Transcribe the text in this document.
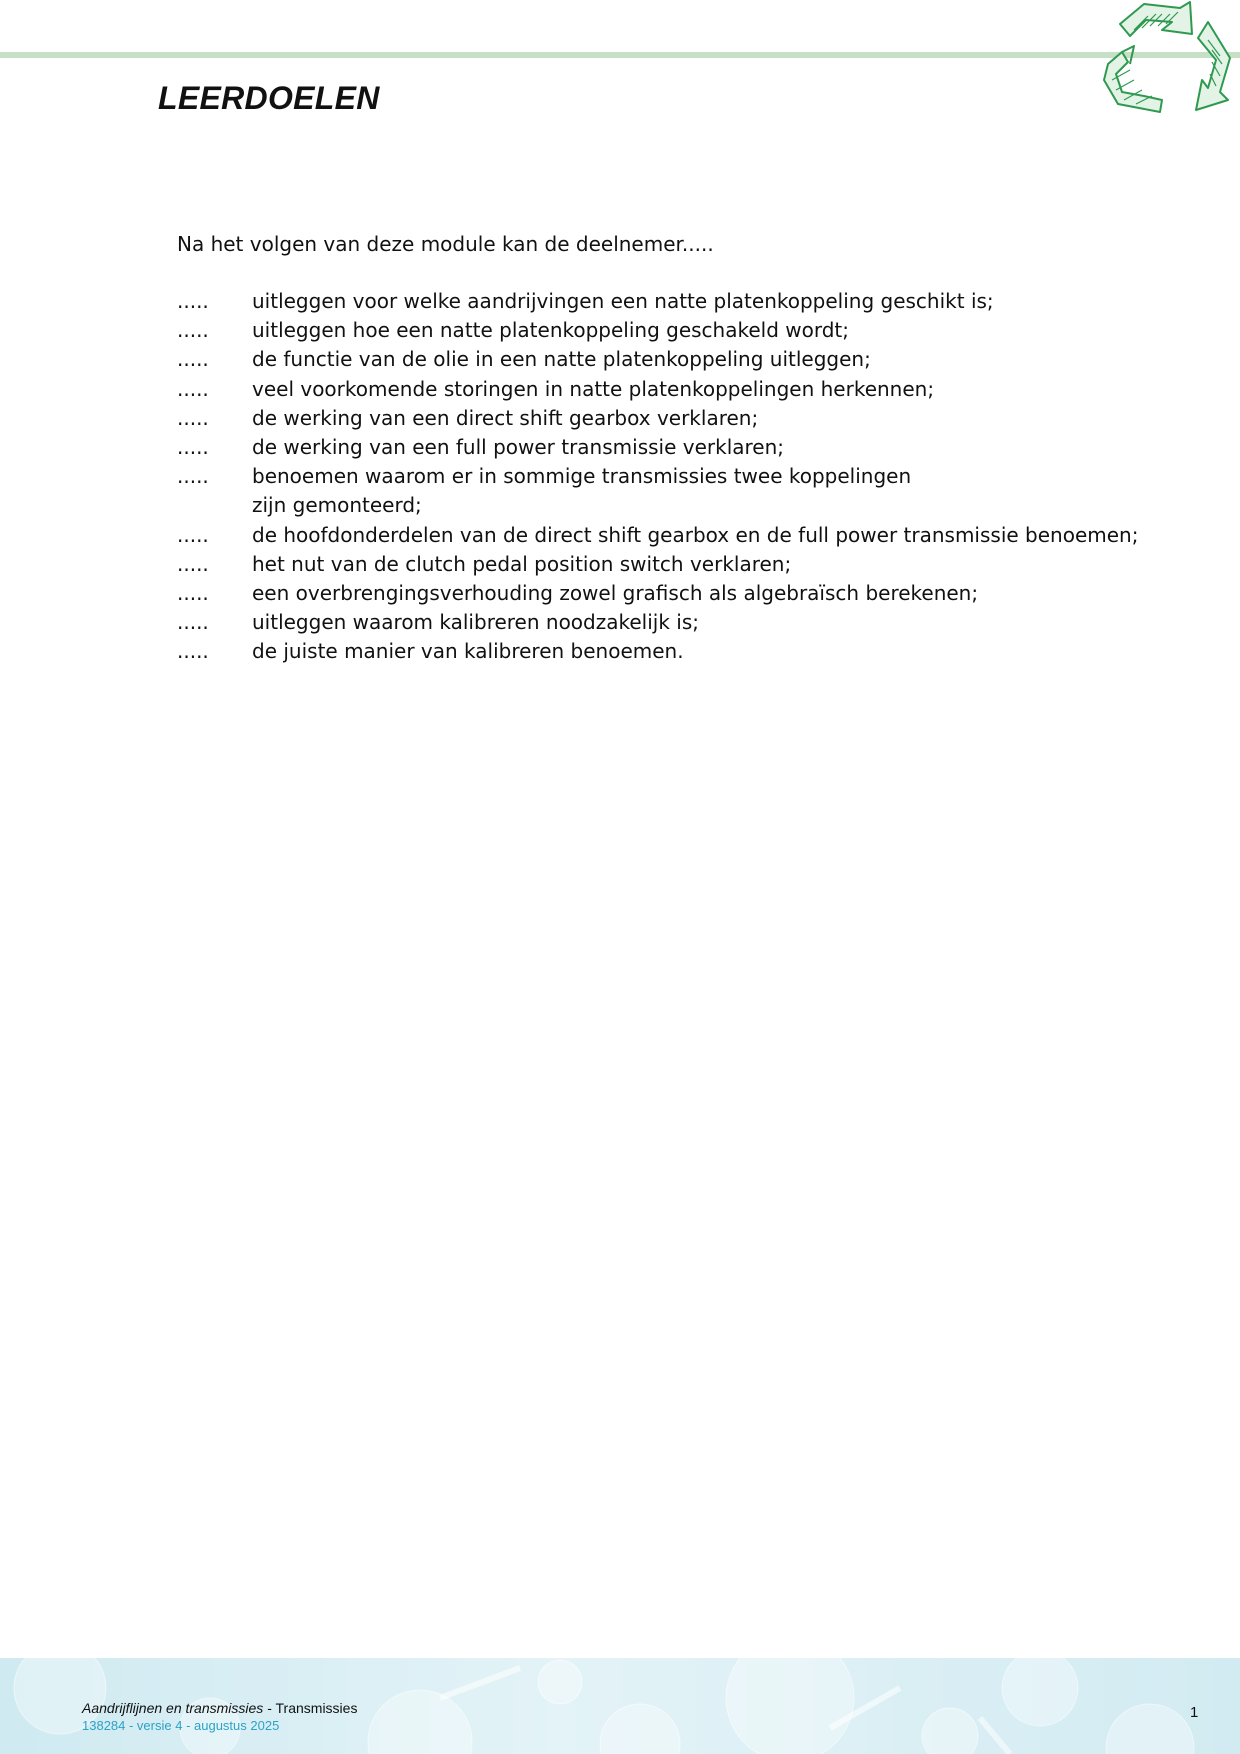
LEERDOELEN

Na het volgen van deze module kan de deelnemer.....

.....	uitleggen voor welke aandrijvingen een natte platenkoppeling geschikt is;
.....	uitleggen hoe een natte platenkoppeling geschakeld wordt;
.....	de functie van de olie in een natte platenkoppeling uitleggen;
.....	veel voorkomende storingen in natte platenkoppelingen herkennen;
.....	de werking van een direct shift gearbox verklaren;
.....	de werking van een full power transmissie verklaren;
.....	benoemen waarom er in sommige transmissies twee koppelingen
zijn gemonteerd;
.....	de hoofdonderdelen van de direct shift gearbox en de full power transmissie benoemen;
.....	het nut van de clutch pedal position switch verklaren;
.....	een overbrengingsverhouding zowel grafisch als algebraïsch berekenen;
.....	uitleggen waarom kalibreren noodzakelijk is;
.....	de juiste manier van kalibreren benoemen.
Aandrijflijnen en transmissies - Transmissies
138284 - versie 4 - augustus 2025
1
